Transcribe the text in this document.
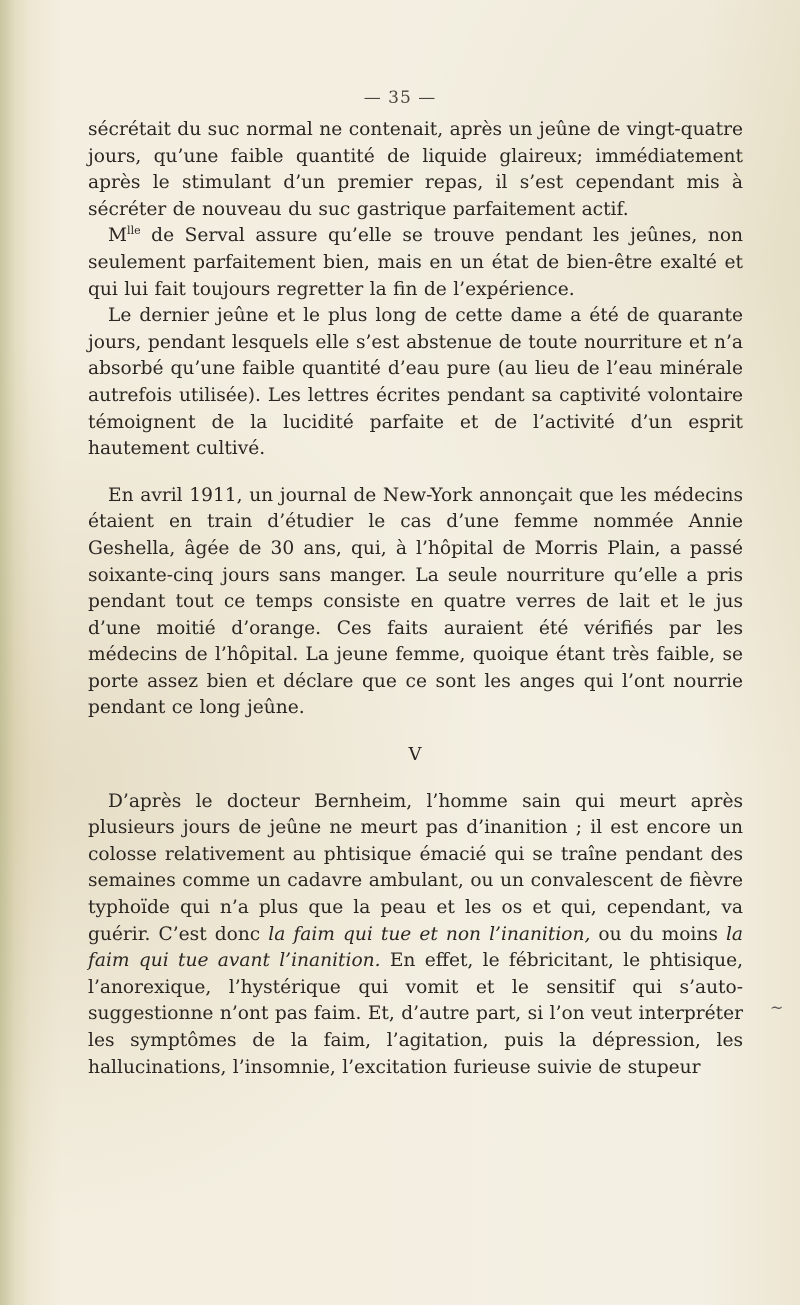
— 35 —

sécrétait du suc normal ne contenait, après un jeûne de vingt-quatre jours, qu’une faible quantité de liquide glaireux; immédiatement après le stimulant d’un premier repas, il s’est cependant mis à sécréter de nouveau du suc gastrique parfaitement actif.

$M^{lle}$ de Serval assure qu’elle se trouve pendant les jeûnes, non seulement parfaitement bien, mais en un état de bien-être exalté et qui lui fait toujours regretter la fin de l’expérience.

Le dernier jeûne et le plus long de cette dame a été de quarante jours, pendant lesquels elle s’est abstenue de toute nourriture et n’a absorbé qu’une faible quantité d’eau pure (au lieu de l’eau minérale autrefois utilisée). Les lettres écrites pendant sa captivité volontaire témoignent de la lucidité parfaite et de l’activité d’un esprit hautement cultivé.

En avril 1911, un journal de New-York annonçait que les médecins étaient en train d’étudier le cas d’une femme nommée Annie Geshella, âgée de 30 ans, qui, à l’hôpital de Morris Plain, a passé soixante-cinq jours sans manger. La seule nourriture qu’elle a pris pendant tout ce temps consiste en quatre verres de lait et le jus d’une moitié d’orange. Ces faits auraient été vérifiés par les médecins de l’hôpital. La jeune femme, quoique étant très faible, se porte assez bien et déclare que ce sont les anges qui l’ont nourrie pendant ce long jeûne.

V

D’après le docteur Bernheim, l’homme sain qui meurt après plusieurs jours de jeûne ne meurt pas d’inanition ; il est encore un colosse relativement au phtisique émacié qui se traîne pendant des semaines comme un cadavre ambulant, ou un convalescent de fièvre typhoïde qui n’a plus que la peau et les os et qui, cependant, va guérir. C’est donc la faim qui tue et non l’inanition, ou du moins la faim qui tue avant l’inanition. En effet, le fébricitant, le phtisique, l’anorexique, l’hystérique qui vomit et le sensitif qui s’auto-suggestionne n’ont pas faim. Et, d’autre part, si l’on veut interpréter les symptômes de la faim, l’agitation, puis la dépression, les hallucinations, l’insomnie, l’excitation furieuse suivie de stupeur

~
